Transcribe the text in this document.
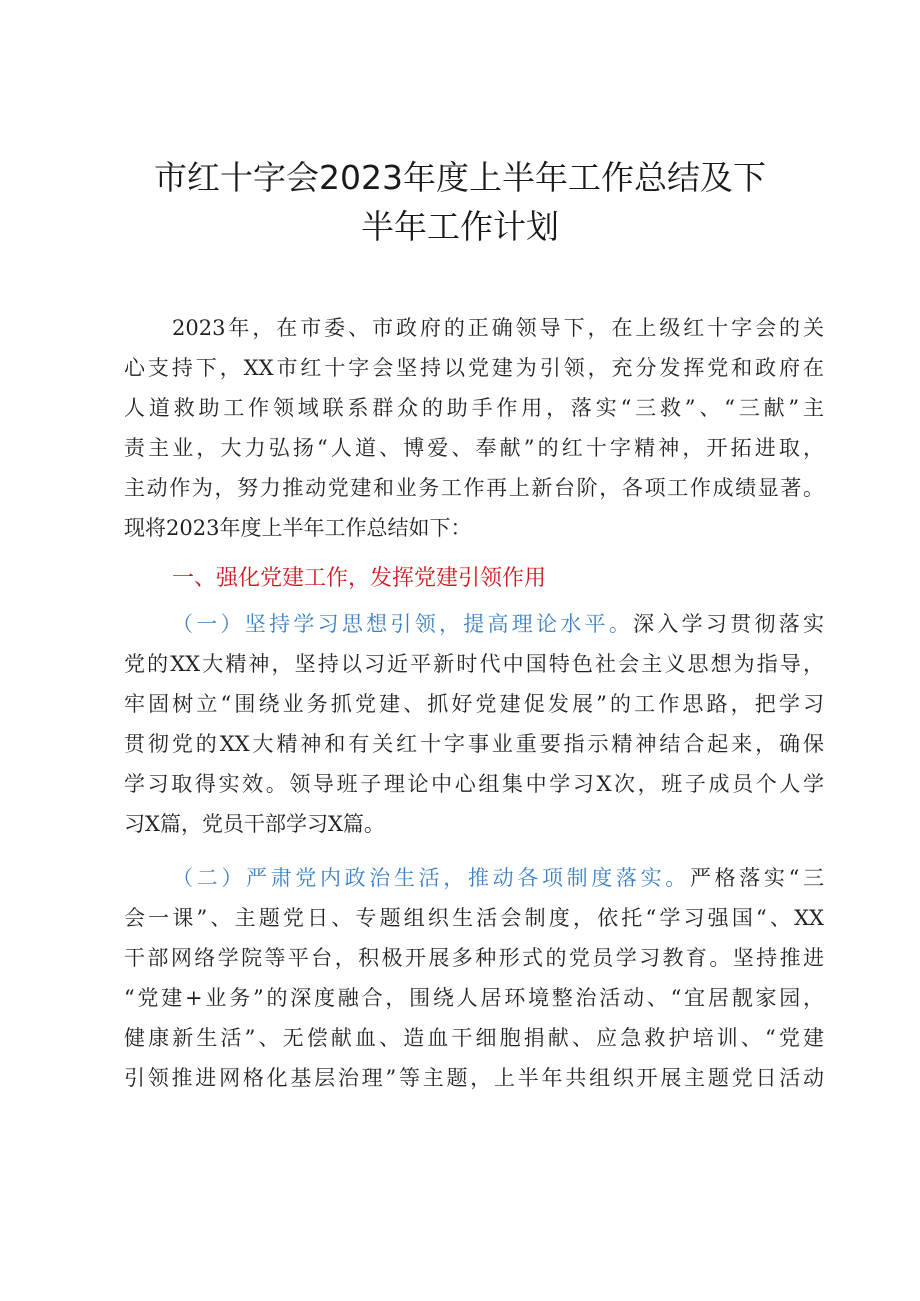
市红十字会2023年度上半年工作总结及下
半年工作计划
2023年，在市委、市政府的正确领导下，在上级红十字会的关
心支持下，XX市红十字会坚持以党建为引领，充分发挥党和政府在
人道救助工作领域联系群众的助手作用，落实“三救”、“三献”主
责主业，大力弘扬“人道、博爱、奉献”的红十字精神，开拓进取，
主动作为，努力推动党建和业务工作再上新台阶，各项工作成绩显著。
现将2023年度上半年工作总结如下：
一、强化党建工作，发挥党建引领作用
（一）坚持学习思想引领，提高理论水平。深入学习贯彻落实
党的XX大精神，坚持以习近平新时代中国特色社会主义思想为指导，
牢固树立“围绕业务抓党建、抓好党建促发展”的工作思路，把学习
贯彻党的XX大精神和有关红十字事业重要指示精神结合起来，确保
学习取得实效。领导班子理论中心组集中学习X次，班子成员个人学
习X篇，党员干部学习X篇。
（二）严肃党内政治生活，推动各项制度落实。严格落实“三
会一课”、主题党日、专题组织生活会制度，依托“学习强国“、XX
干部网络学院等平台，积极开展多种形式的党员学习教育。坚持推进
“党建+业务”的深度融合，围绕人居环境整治活动、“宜居靓家园，
健康新生活”、无偿献血、造血干细胞捐献、应急救护培训、“党建
引领推进网格化基层治理”等主题，上半年共组织开展主题党日活动
